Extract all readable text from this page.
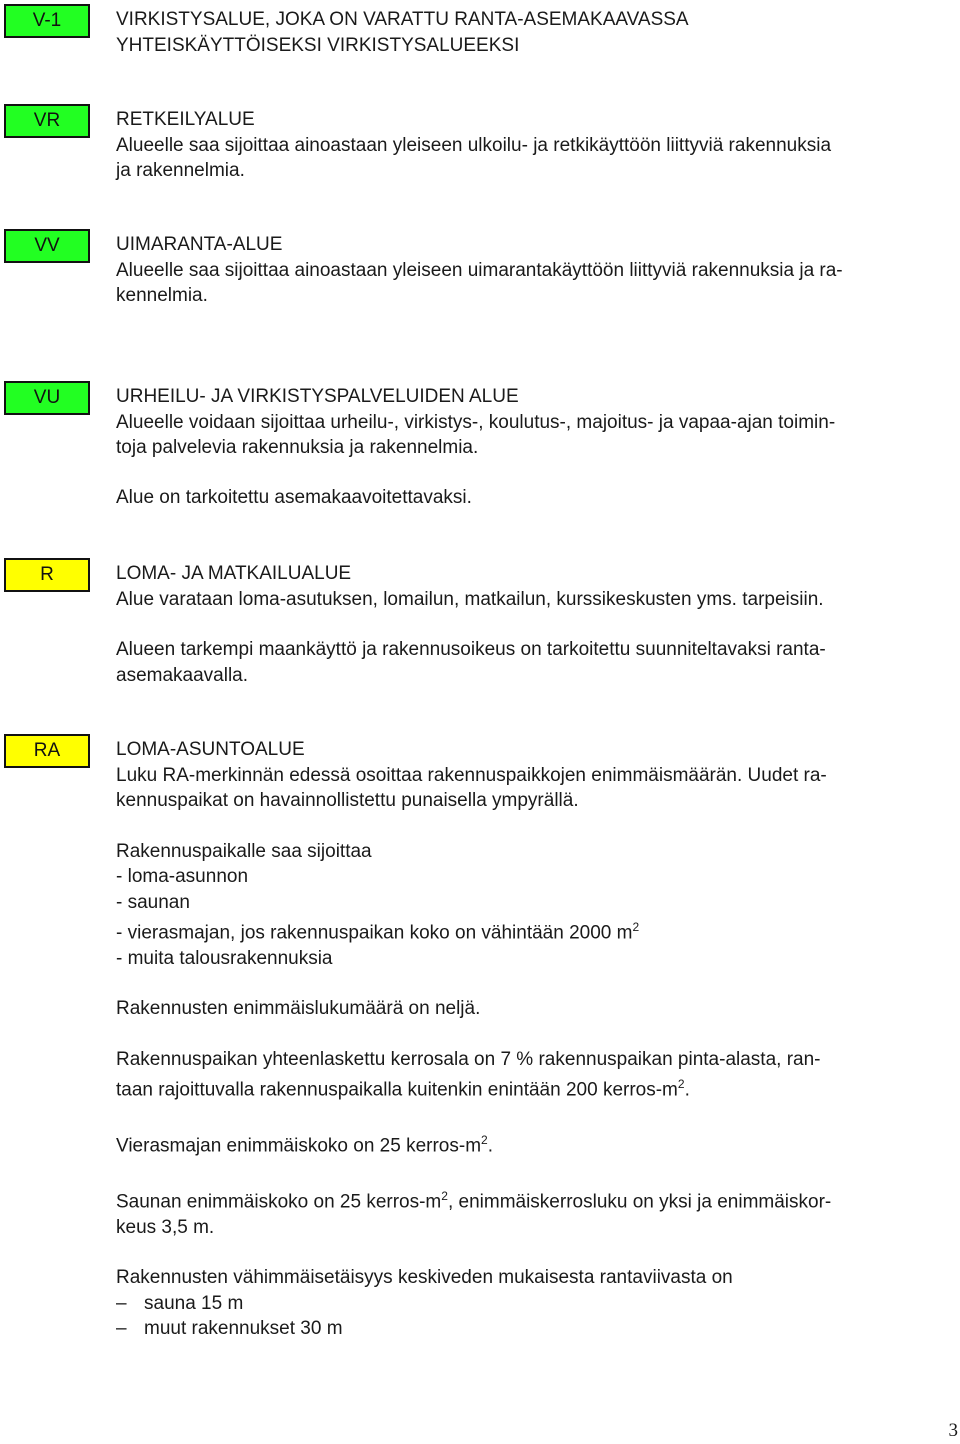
V-1	VIRKISTYSALUE, JOKA ON VARATTU RANTA-ASEMAKAAVASSA

YHTEISKÄYTTÖISEKSI VIRKISTYSALUEEKSI

VR	RETKEILYALUE

Alueelle saa sijoittaa ainoastaan yleiseen ulkoilu- ja retkikäyttöön liittyviä rakennuksia

ja rakennelmia.

VV	UIMARANTA-ALUE

Alueelle saa sijoittaa ainoastaan yleiseen uimarantakäyttöön liittyviä rakennuksia ja ra-

kennelmia.

VU	URHEILU- JA VIRKISTYSPALVELUIDEN ALUE

Alueelle voidaan sijoittaa urheilu-, virkistys-, koulutus-, majoitus- ja vapaa-ajan toimin-

toja palvelevia rakennuksia ja rakennelmia.

Alue on tarkoitettu asemakaavoitettavaksi.

R	LOMA- JA MATKAILUALUE

Alue varataan loma-asutuksen, lomailun, matkailun, kurssikeskusten yms. tarpeisiin.

Alueen tarkempi maankäyttö ja rakennusoikeus on tarkoitettu suunniteltavaksi ranta-

asemakaavalla.

RA	LOMA-ASUNTOALUE

Luku RA-merkinnän edessä osoittaa rakennuspaikkojen enimmäismäärän. Uudet ra-

kennuspaikat on havainnollistettu punaisella ympyrällä.

Rakennuspaikalle saa sijoittaa

- loma-asunnon

- saunan

- vierasmajan, jos rakennuspaikan koko on vähintään 2000 $m^2$

- muita talousrakennuksia

Rakennusten enimmäislukumäärä on neljä.

Rakennuspaikan yhteenlaskettu kerrosala on 7 % rakennuspaikan pinta-alasta, ran-

taan rajoittuvalla rakennuspaikalla kuitenkin enintään 200 kerros-$m^2$.

Vierasmajan enimmäiskoko on 25 kerros-$m^2$.

Saunan enimmäiskoko on 25 kerros-$m^2$, enimmäiskerrosluku on yksi ja enimmäiskor-

keus 3,5 m.

Rakennusten vähimmäisetäisyys keskiveden mukaisesta rantaviivasta on

– sauna 15 m

– muut rakennukset 30 m

3
